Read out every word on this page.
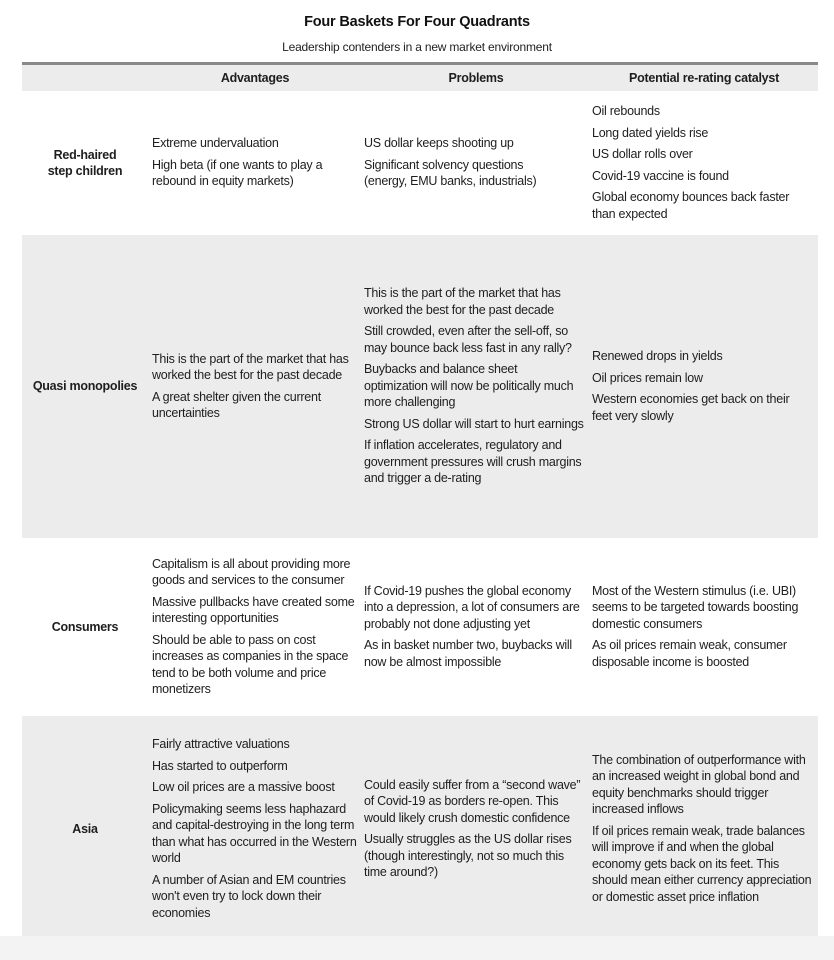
Four Baskets For Four Quadrants
Leadership contenders in a new market environment
Advantages	Problems	Potential re-rating catalyst
Red-haired step children
Extreme undervaluation
High beta (if one wants to play a rebound in equity markets)
US dollar keeps shooting up
Significant solvency questions (energy, EMU banks, industrials)
Oil rebounds
Long dated yields rise
US dollar rolls over
Covid-19 vaccine is found
Global economy bounces back faster than expected
Quasi monopolies
This is the part of the market that has worked the best for the past decade
A great shelter given the current uncertainties
This is the part of the market that has worked the best for the past decade
Still crowded, even after the sell-off, so may bounce back less fast in any rally?
Buybacks and balance sheet optimization will now be politically much more challenging
Strong US dollar will start to hurt earnings
If inflation accelerates, regulatory and government pressures will crush margins and trigger a de-rating
Renewed drops in yields
Oil prices remain low
Western economies get back on their feet very slowly
Consumers
Capitalism is all about providing more goods and services to the consumer
Massive pullbacks have created some interesting opportunities
Should be able to pass on cost increases as companies in the space tend to be both volume and price monetizers
If Covid-19 pushes the global economy into a depression, a lot of consumers are probably not done adjusting yet
As in basket number two, buybacks will now be almost impossible
Most of the Western stimulus (i.e. UBI) seems to be targeted towards boosting domestic consumers
As oil prices remain weak, consumer disposable income is boosted
Asia
Fairly attractive valuations
Has started to outperform
Low oil prices are a massive boost
Policymaking seems less haphazard and capital-destroying in the long term than what has occurred in the Western world
A number of Asian and EM countries won't even try to lock down their economies
Could easily suffer from a “second wave” of Covid-19 as borders re-open. This would likely crush domestic confidence
Usually struggles as the US dollar rises (though interestingly, not so much this time around?)
The combination of outperformance with an increased weight in global bond and equity benchmarks should trigger increased inflows
If oil prices remain weak, trade balances will improve if and when the global economy gets back on its feet. This should mean either currency appreciation or domestic asset price inflation
